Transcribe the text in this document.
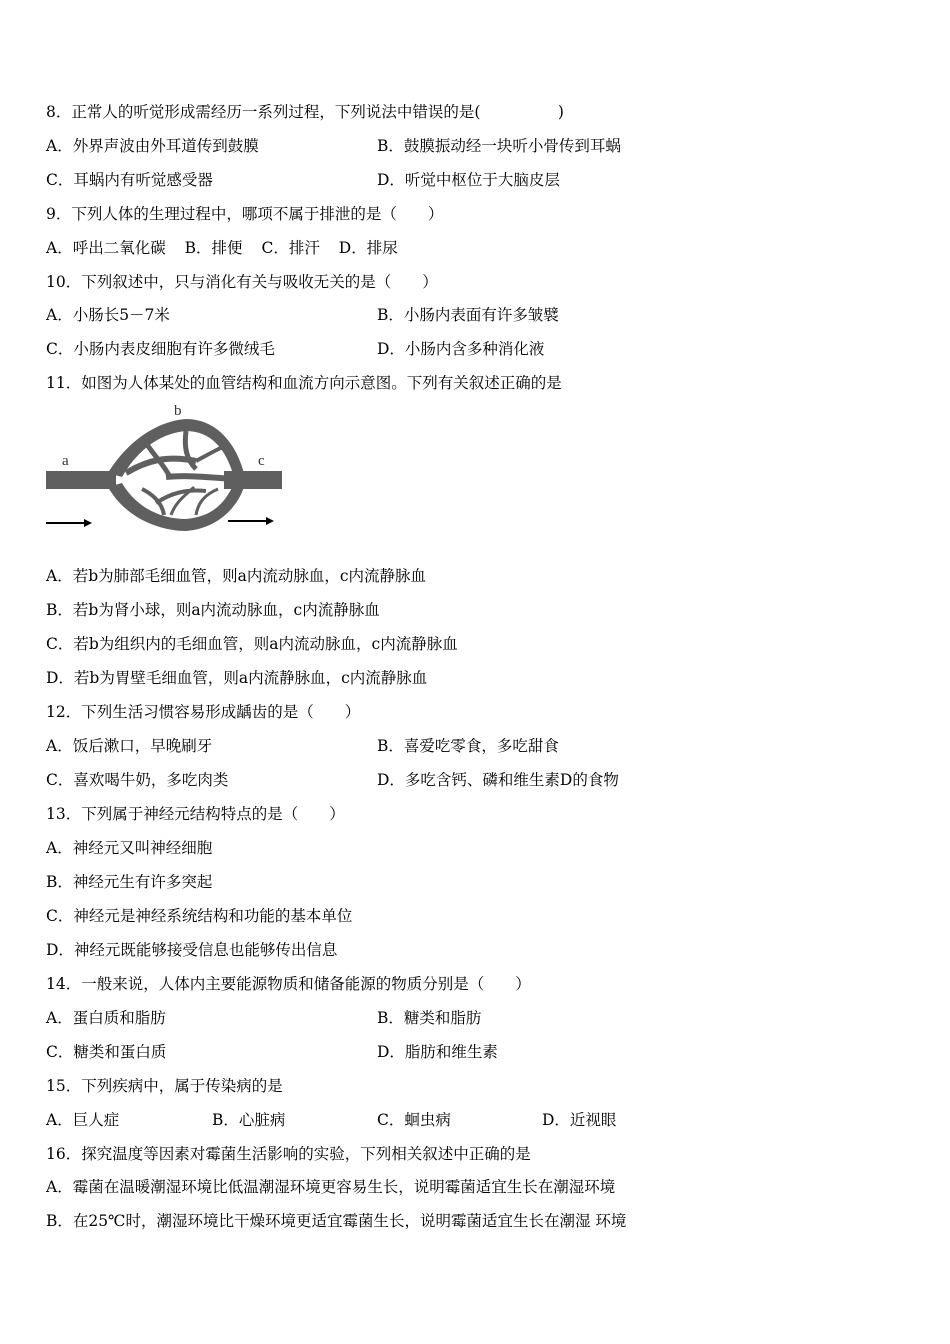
8．正常人的听觉形成需经历一系列过程，下列说法中错误的是(　　　　　)
A．外界声波由外耳道传到鼓膜	B．鼓膜振动经一块听小骨传到耳蜗
C．耳蜗内有听觉感受器	D．听觉中枢位于大脑皮层
9．下列人体的生理过程中，哪项不属于排泄的是（　　）
A．呼出二氧化碳 B．排便 C．排汗 D．排尿
10．下列叙述中，只与消化有关与吸收无关的是（　　）
A．小肠长5－7米	B．小肠内表面有许多皱襞
C．小肠内表皮细胞有许多微绒毛	D．小肠内含多种消化液
11．如图为人体某处的血管结构和血流方向示意图。下列有关叙述正确的是
a
b
c
A．若b为肺部毛细血管，则a内流动脉血，c内流静脉血
B．若b为肾小球，则a内流动脉血，c内流静脉血
C．若b为组织内的毛细血管，则a内流动脉血，c内流静脉血
D．若b为胃壁毛细血管，则a内流静脉血，c内流静脉血
12．下列生活习惯容易形成龋齿的是（　　）
A．饭后漱口，早晚刷牙	B．喜爱吃零食，多吃甜食
C．喜欢喝牛奶，多吃肉类	D．多吃含钙、磷和维生素D的食物
13．下列属于神经元结构特点的是（　　）
A．神经元又叫神经细胞
B．神经元生有许多突起
C．神经元是神经系统结构和功能的基本单位
D．神经元既能够接受信息也能够传出信息
14．一般来说，人体内主要能源物质和储备能源的物质分别是（　　）
A．蛋白质和脂肪	B．糖类和脂肪
C．糖类和蛋白质	D．脂肪和维生素
15．下列疾病中，属于传染病的是
A．巨人症	B．心脏病	C．蛔虫病	D．近视眼
16．探究温度等因素对霉菌生活影响的实验，下列相关叙述中正确的是
A．霉菌在温暖潮湿环境比低温潮湿环境更容易生长，说明霉菌适宜生长在潮湿环境
B．在25℃时，潮湿环境比干燥环境更适宜霉菌生长，说明霉菌适宜生长在潮湿 环境
